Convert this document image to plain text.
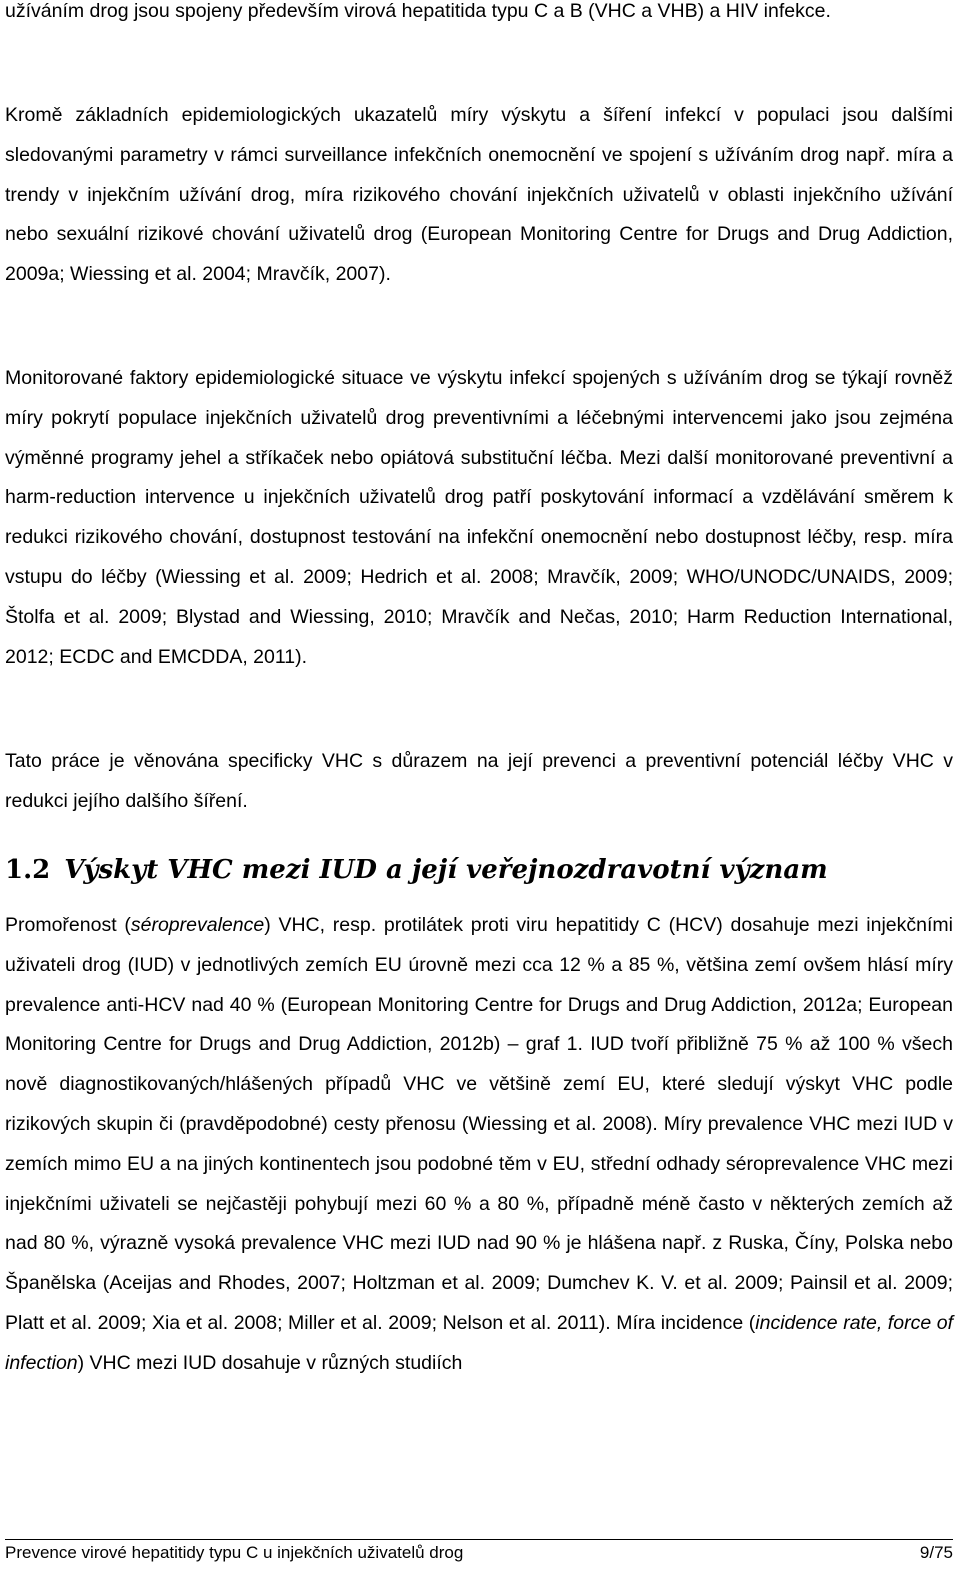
užíváním drog jsou spojeny především virová hepatitida typu C a B (VHC a VHB) a HIV infekce.

Kromě základních epidemiologických ukazatelů míry výskytu a šíření infekcí v populaci jsou dalšími sledovanými parametry v rámci surveillance infekčních onemocnění ve spojení s užíváním drog např. míra a trendy v injekčním užívání drog, míra rizikového chování injekčních uživatelů v oblasti injekčního užívání nebo sexuální rizikové chování uživatelů drog (European Monitoring Centre for Drugs and Drug Addiction, 2009a; Wiessing et al. 2004; Mravčík, 2007).

Monitorované faktory epidemiologické situace ve výskytu infekcí spojených s užíváním drog se týkají rovněž míry pokrytí populace injekčních uživatelů drog preventivními a léčebnými intervencemi jako jsou zejména výměnné programy jehel a stříkaček nebo opiátová substituční léčba. Mezi další monitorované preventivní a harm-reduction intervence u injekčních uživatelů drog patří poskytování informací a vzdělávání směrem k redukci rizikového chování, dostupnost testování na infekční onemocnění nebo dostupnost léčby, resp. míra vstupu do léčby (Wiessing et al. 2009; Hedrich et al. 2008; Mravčík, 2009; WHO/UNODC/UNAIDS, 2009; Štolfa et al. 2009; Blystad and Wiessing, 2010; Mravčík and Nečas, 2010; Harm Reduction International, 2012; ECDC and EMCDDA, 2011).

Tato práce je věnována specificky VHC s důrazem na její prevenci a preventivní potenciál léčby VHC v redukci jejího dalšího šíření.

1.2 Výskyt VHC mezi IUD a její veřejnozdravotní význam

Promořenost (séroprevalence) VHC, resp. protilátek proti viru hepatitidy C (HCV) dosahuje mezi injekčními uživateli drog (IUD) v jednotlivých zemích EU úrovně mezi cca 12 % a 85 %, většina zemí ovšem hlásí míry prevalence anti-HCV nad 40 % (European Monitoring Centre for Drugs and Drug Addiction, 2012a; European Monitoring Centre for Drugs and Drug Addiction, 2012b) – graf 1. IUD tvoří přibližně 75 % až 100 % všech nově diagnostikovaných/hlášených případů VHC ve většině zemí EU, které sledují výskyt VHC podle rizikových skupin či (pravděpodobné) cesty přenosu (Wiessing et al. 2008). Míry prevalence VHC mezi IUD v zemích mimo EU a na jiných kontinentech jsou podobné těm v EU, střední odhady séroprevalence VHC mezi injekčními uživateli se nejčastěji pohybují mezi 60 % a 80 %, případně méně často v některých zemích až nad 80 %, výrazně vysoká prevalence VHC mezi IUD nad 90 % je hlášena např. z Ruska, Číny, Polska nebo Španělska (Aceijas and Rhodes, 2007; Holtzman et al. 2009; Dumchev K. V. et al. 2009; Painsil et al. 2009; Platt et al. 2009; Xia et al. 2008; Miller et al. 2009; Nelson et al. 2011). Míra incidence (incidence rate, force of infection) VHC mezi IUD dosahuje v různých studiích

Prevence virové hepatitidy typu C u injekčních uživatelů drog	9/75
